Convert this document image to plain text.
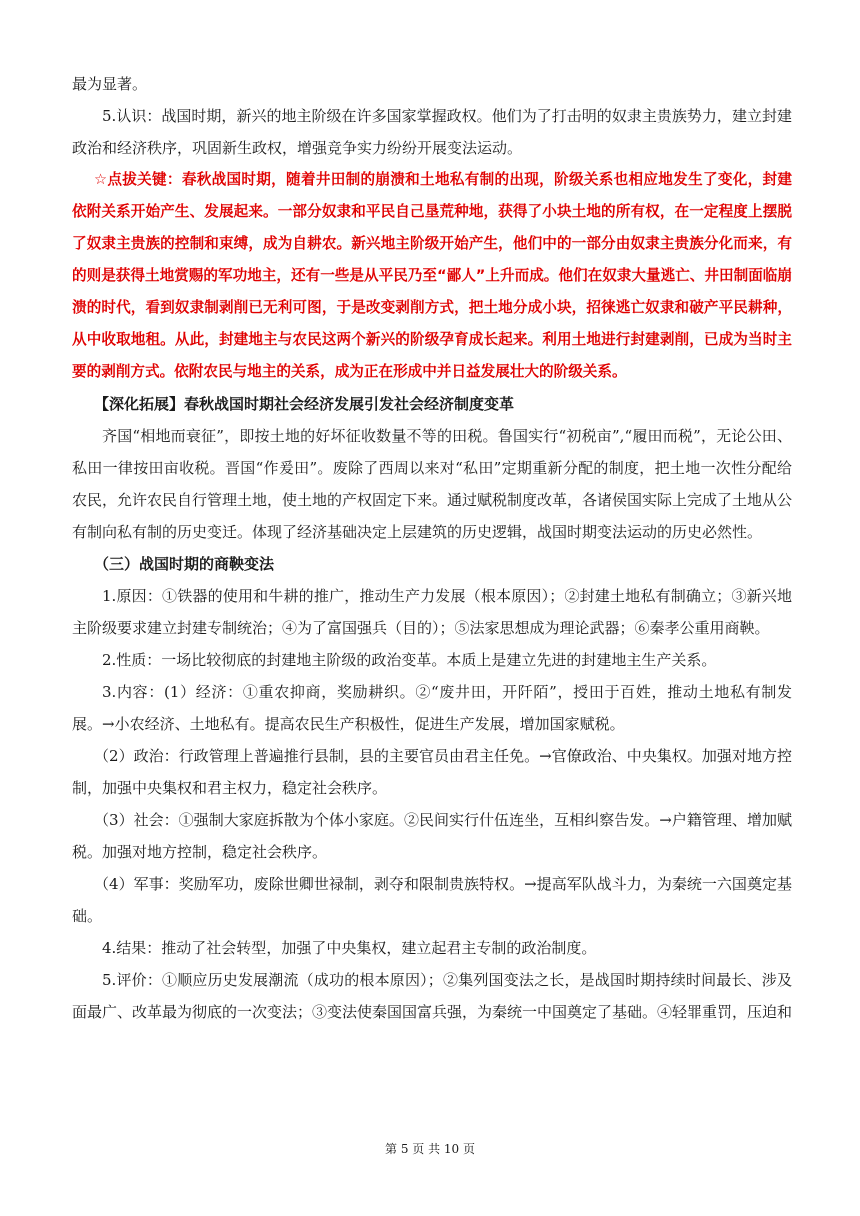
最为显著。

5.认识：战国时期，新兴的地主阶级在许多国家掌握政权。他们为了打击明的奴隶主贵族势力，建立封建政治和经济秩序，巩固新生政权，增强竞争实力纷纷开展变法运动。

☆点拔关键：春秋战国时期，随着井田制的崩溃和土地私有制的出现，阶级关系也相应地发生了变化，封建依附关系开始产生、发展起来。一部分奴隶和平民自己垦荒种地，获得了小块土地的所有权，在一定程度上摆脱了奴隶主贵族的控制和束缚，成为自耕农。新兴地主阶级开始产生，他们中的一部分由奴隶主贵族分化而来，有的则是获得土地赏赐的军功地主，还有一些是从平民乃至“鄙人”上升而成。他们在奴隶大量逃亡、井田制面临崩溃的时代，看到奴隶制剥削已无利可图，于是改变剥削方式，把土地分成小块，招徕逃亡奴隶和破产平民耕种，从中收取地租。从此，封建地主与农民这两个新兴的阶级孕育成长起来。利用土地进行封建剥削，已成为当时主要的剥削方式。依附农民与地主的关系，成为正在形成中并日益发展壮大的阶级关系。

【深化拓展】春秋战国时期社会经济发展引发社会经济制度变革

齐国“相地而衰征”，即按土地的好坏征收数量不等的田税。鲁国实行“初税亩”,“履田而税”，无论公田、私田一律按田亩收税。晋国“作爰田”。废除了西周以来对“私田”定期重新分配的制度，把土地一次性分配给农民，允许农民自行管理土地，使土地的产权固定下来。通过赋税制度改革，各诸侯国实际上完成了土地从公有制向私有制的历史变迁。体现了经济基础决定上层建筑的历史逻辑，战国时期变法运动的历史必然性。

（三）战国时期的商鞅变法

1.原因：①铁器的使用和牛耕的推广，推动生产力发展（根本原因）；②封建土地私有制确立；③新兴地主阶级要求建立封建专制统治；④为了富国强兵（目的）；⑤法家思想成为理论武器；⑥秦孝公重用商鞅。

2.性质：一场比较彻底的封建地主阶级的政治变革。本质上是建立先进的封建地主生产关系。

3.内容：(1）经济：①重农抑商，奖励耕织。②“废井田，开阡陌”，授田于百姓，推动土地私有制发展。→小农经济、土地私有。提高农民生产积极性，促进生产发展，增加国家赋税。

（2）政治：行政管理上普遍推行县制，县的主要官员由君主任免。→官僚政治、中央集权。加强对地方控制，加强中央集权和君主权力，稳定社会秩序。

（3）社会：①强制大家庭拆散为个体小家庭。②民间实行什伍连坐，互相纠察告发。→户籍管理、增加赋税。加强对地方控制，稳定社会秩序。

（4）军事：奖励军功，废除世卿世禄制，剥夺和限制贵族特权。→提高军队战斗力，为秦统一六国奠定基础。

4.结果：推动了社会转型，加强了中央集权，建立起君主专制的政治制度。

5.评价：①顺应历史发展潮流（成功的根本原因）；②集列国变法之长，是战国时期持续时间最长、涉及面最广、改革最为彻底的一次变法；③变法使秦国国富兵强，为秦统一中国奠定了基础。④轻罪重罚，压迫和

第 5 页 共 10 页
